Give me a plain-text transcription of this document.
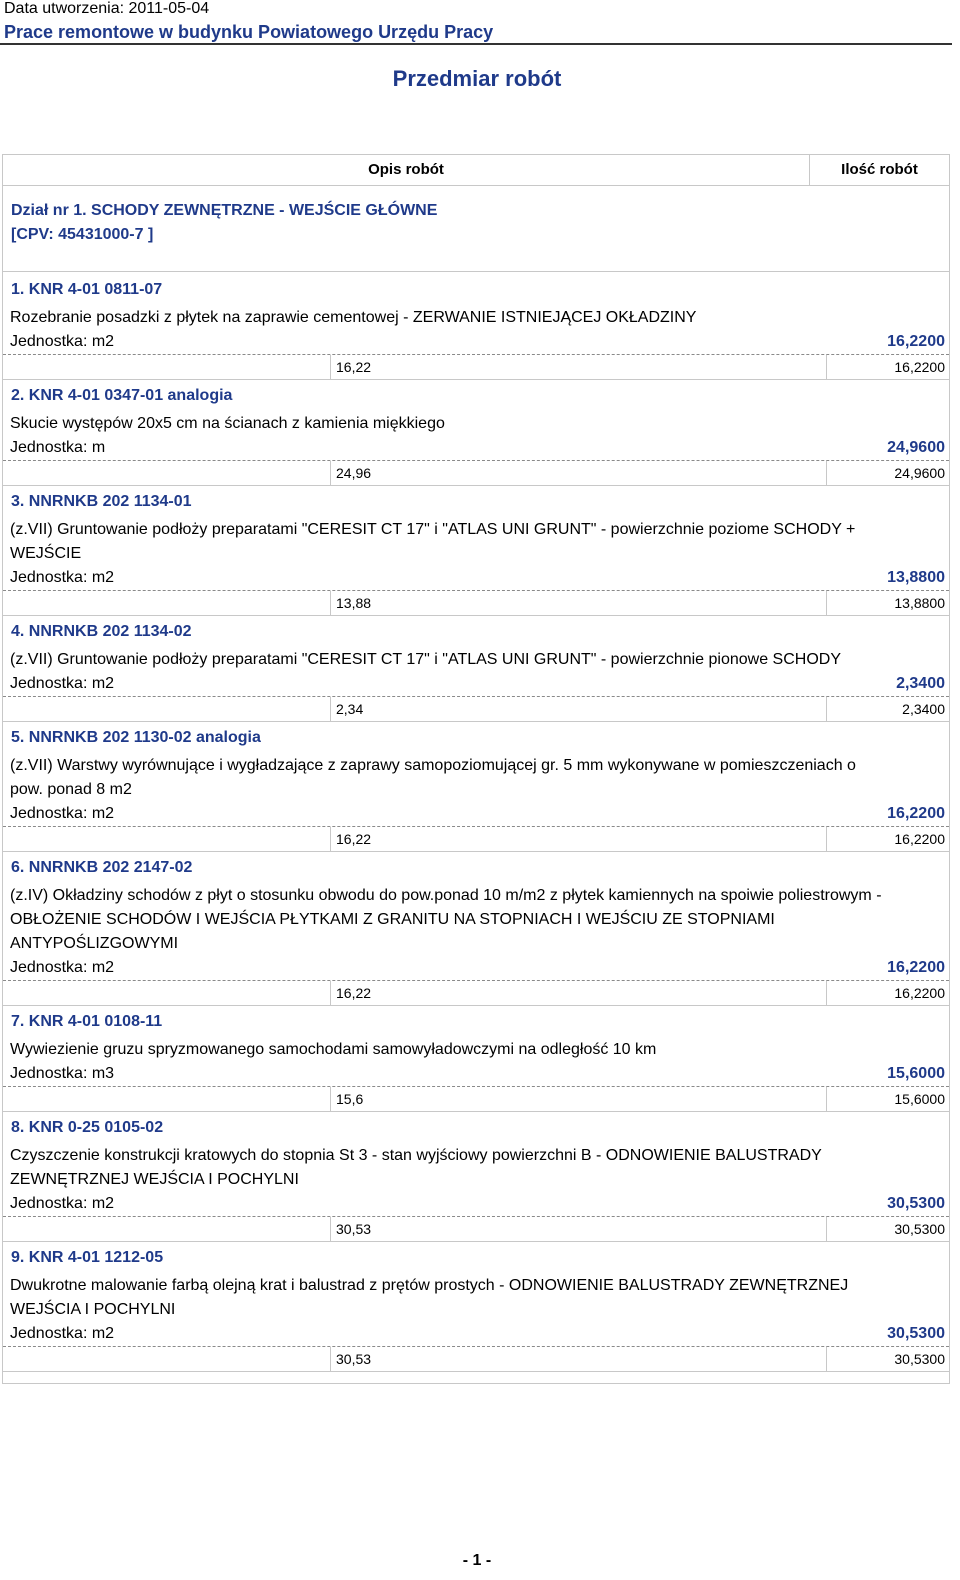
Data utworzenia: 2011-05-04
Prace remontowe w budynku Powiatowego Urzędu Pracy
Przedmiar robót
Opis robót	Ilość robót
Dział nr 1. SCHODY ZEWNĘTRZNE - WEJŚCIE GŁÓWNE
[CPV: 45431000-7 ]
1. KNR 4-01 0811-07
Rozebranie posadzki z płytek na zaprawie cementowej - ZERWANIE ISTNIEJĄCEJ OKŁADZINY
Jednostka: m2	16,2200
16,22	16,2200
2. KNR 4-01 0347-01 analogia
Skucie występów 20x5 cm na ścianach z kamienia miękkiego
Jednostka: m	24,9600
24,96	24,9600
3. NNRNKB 202 1134-01
(z.VII) Gruntowanie podłoży preparatami "CERESIT CT 17" i "ATLAS UNI GRUNT" - powierzchnie poziome SCHODY +
WEJŚCIE
Jednostka: m2	13,8800
13,88	13,8800
4. NNRNKB 202 1134-02
(z.VII) Gruntowanie podłoży preparatami "CERESIT CT 17" i "ATLAS UNI GRUNT" - powierzchnie pionowe SCHODY
Jednostka: m2	2,3400
2,34	2,3400
5. NNRNKB 202 1130-02 analogia
(z.VII) Warstwy wyrównujące i wygładzające z zaprawy samopoziomującej gr. 5 mm wykonywane w pomieszczeniach o
pow. ponad 8 m2
Jednostka: m2	16,2200
16,22	16,2200
6. NNRNKB 202 2147-02
(z.IV) Okładziny schodów z płyt o stosunku obwodu do pow.ponad 10 m/m2 z płytek kamiennych na spoiwie poliestrowym -
OBŁOŻENIE SCHODÓW I WEJŚCIA PŁYTKAMI Z GRANITU NA STOPNIACH I WEJŚCIU ZE STOPNIAMI
ANTYPOŚLIZGOWYMI
Jednostka: m2	16,2200
16,22	16,2200
7. KNR 4-01 0108-11
Wywiezienie gruzu spryzmowanego samochodami samowyładowczymi na odległość 10 km
Jednostka: m3	15,6000
15,6	15,6000
8. KNR 0-25 0105-02
Czyszczenie konstrukcji kratowych do stopnia St 3 - stan wyjściowy powierzchni B - ODNOWIENIE BALUSTRADY
ZEWNĘTRZNEJ WEJŚCIA I POCHYLNI
Jednostka: m2	30,5300
30,53	30,5300
9. KNR 4-01 1212-05
Dwukrotne malowanie farbą olejną krat i balustrad z prętów prostych - ODNOWIENIE BALUSTRADY ZEWNĘTRZNEJ
WEJŚCIA I POCHYLNI
Jednostka: m2	30,5300
30,53	30,5300
- 1 -
